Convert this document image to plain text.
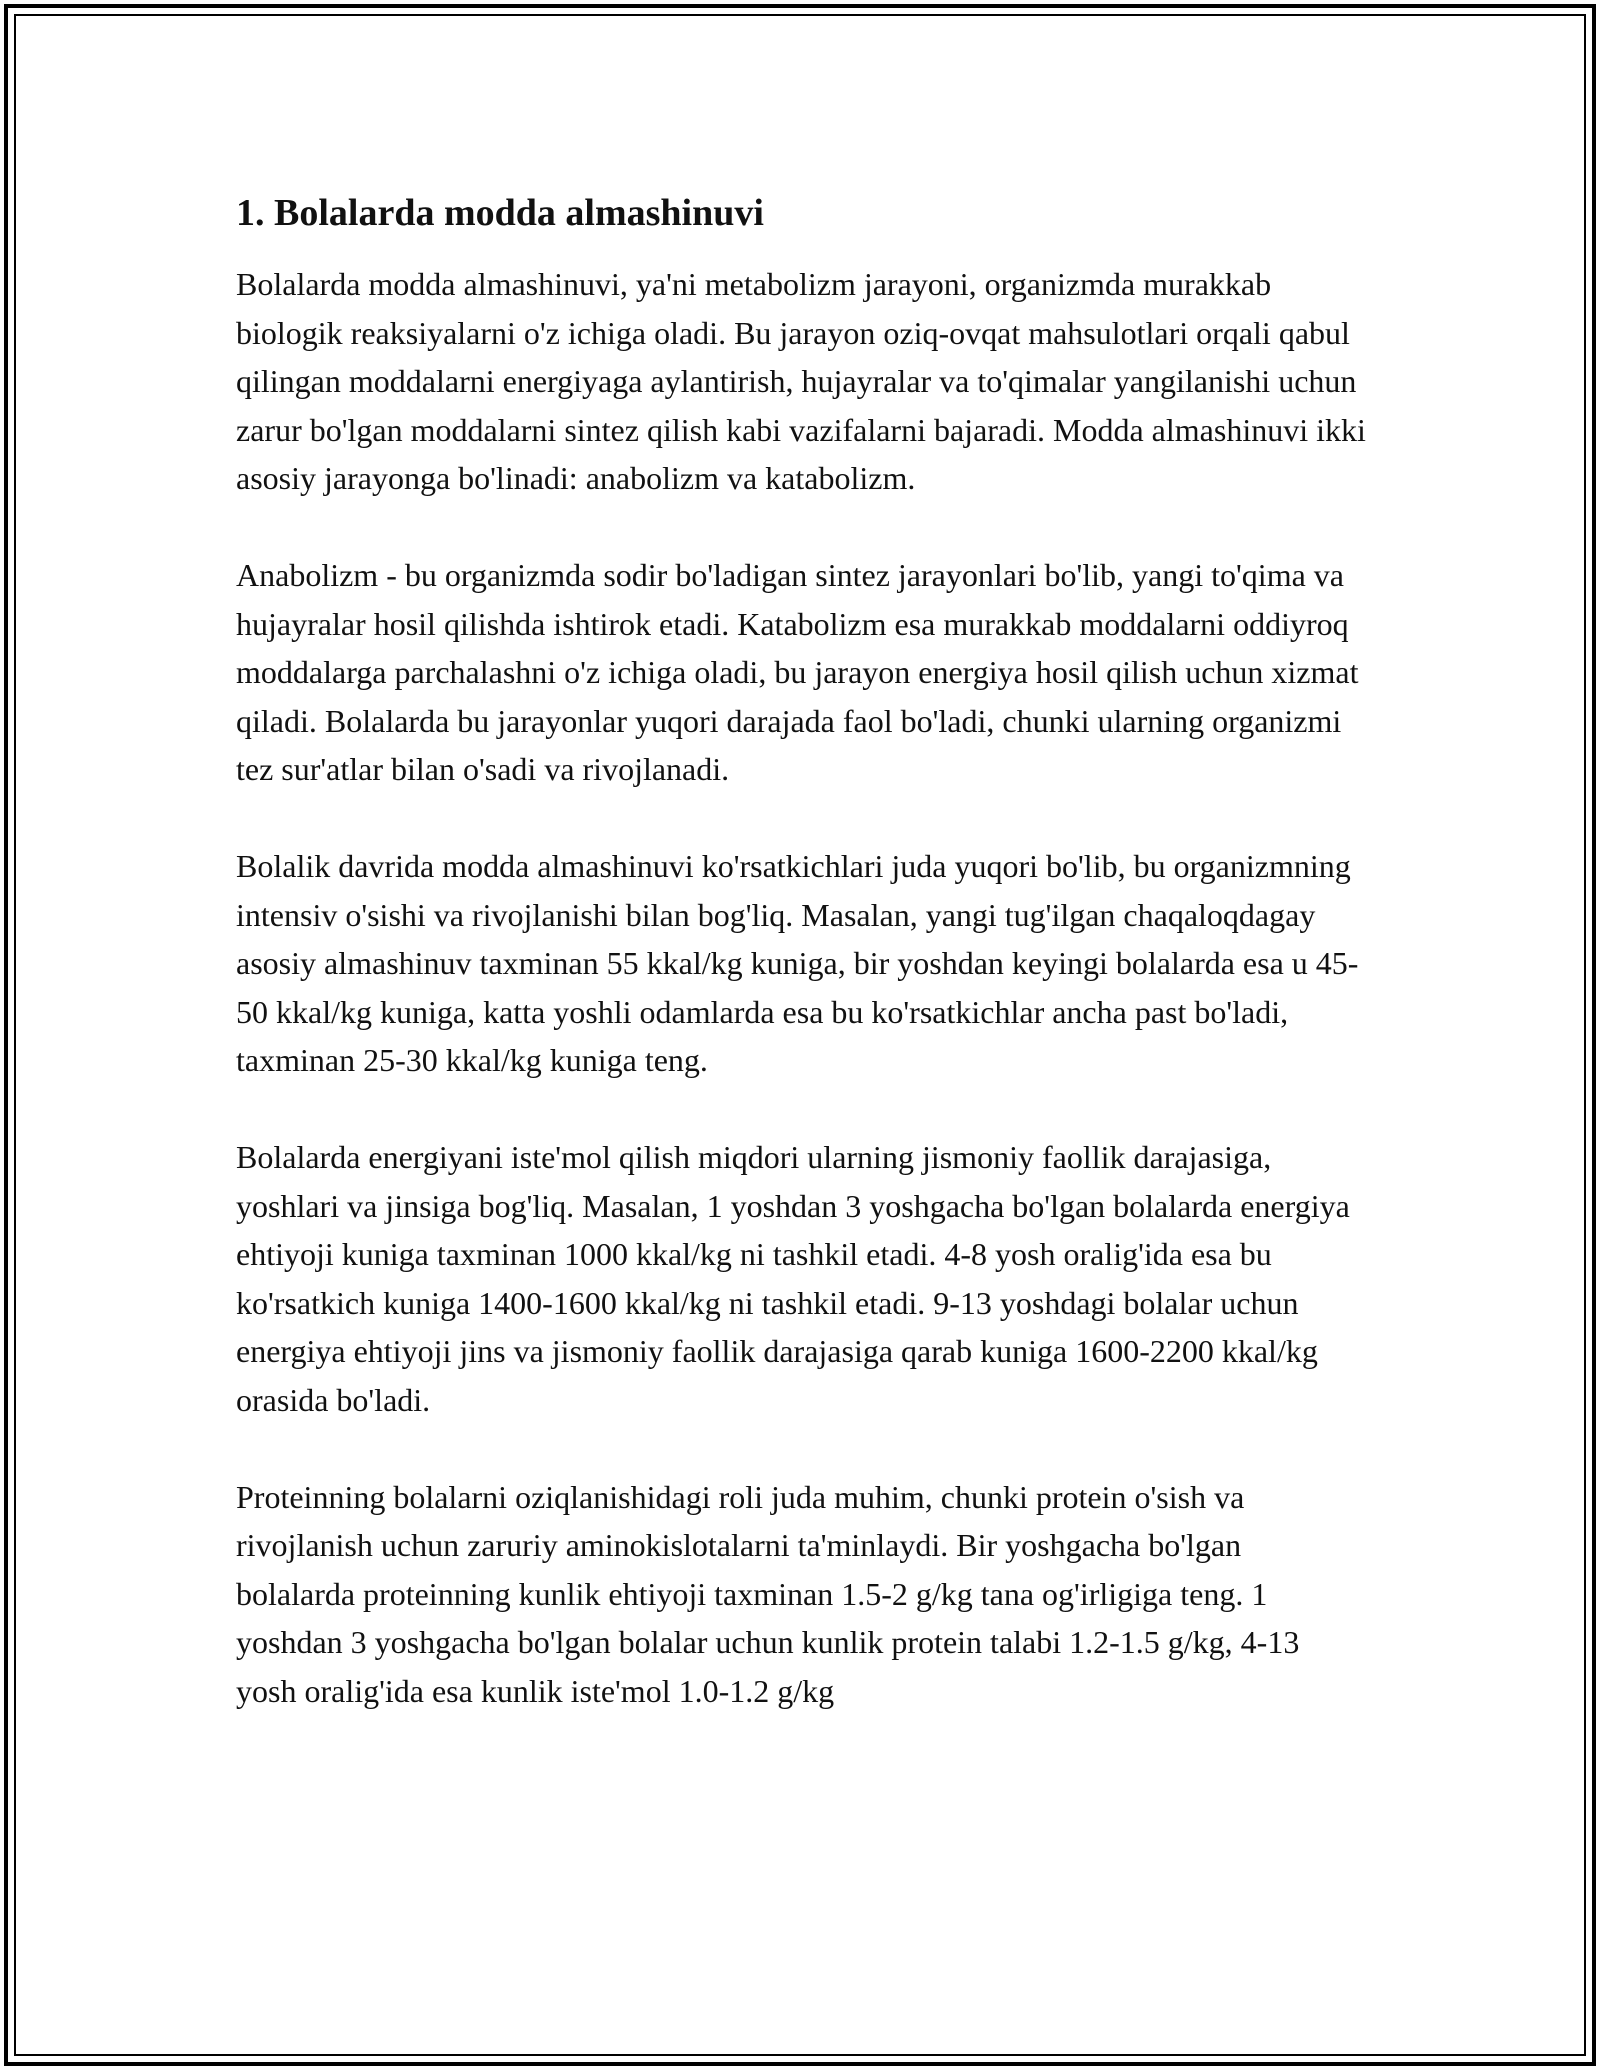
1. Bolalarda modda almashinuvi

Bolalarda modda almashinuvi, ya'ni metabolizm jarayoni, organizmda murakkab biologik reaksiyalarni o'z ichiga oladi. Bu jarayon oziq-ovqat mahsulotlari orqali qabul qilingan moddalarni energiyaga aylantirish, hujayralar va to'qimalar yangilanishi uchun zarur bo'lgan moddalarni sintez qilish kabi vazifalarni bajaradi. Modda almashinuvi ikki asosiy jarayonga bo'linadi: anabolizm va katabolizm.

Anabolizm - bu organizmda sodir bo'ladigan sintez jarayonlari bo'lib, yangi to'qima va hujayralar hosil qilishda ishtirok etadi. Katabolizm esa murakkab moddalarni oddiyroq moddalarga parchalashni o'z ichiga oladi, bu jarayon energiya hosil qilish uchun xizmat qiladi. Bolalarda bu jarayonlar yuqori darajada faol bo'ladi, chunki ularning organizmi tez sur'atlar bilan o'sadi va rivojlanadi.

Bolalik davrida modda almashinuvi ko'rsatkichlari juda yuqori bo'lib, bu organizmning intensiv o'sishi va rivojlanishi bilan bog'liq. Masalan, yangi tug'ilgan chaqaloqdagay asosiy almashinuv taxminan 55 kkal/kg kuniga, bir yoshdan keyingi bolalarda esa u 45-50 kkal/kg kuniga, katta yoshli odamlarda esa bu ko'rsatkichlar ancha past bo'ladi, taxminan 25-30 kkal/kg kuniga teng.

Bolalarda energiyani iste'mol qilish miqdori ularning jismoniy faollik darajasiga, yoshlari va jinsiga bog'liq. Masalan, 1 yoshdan 3 yoshgacha bo'lgan bolalarda energiya ehtiyoji kuniga taxminan 1000 kkal/kg ni tashkil etadi. 4-8 yosh oralig'ida esa bu ko'rsatkich kuniga 1400-1600 kkal/kg ni tashkil etadi. 9-13 yoshdagi bolalar uchun energiya ehtiyoji jins va jismoniy faollik darajasiga qarab kuniga 1600-2200 kkal/kg orasida bo'ladi.

Proteinning bolalarni oziqlanishidagi roli juda muhim, chunki protein o'sish va rivojlanish uchun zaruriy aminokislotalarni ta'minlaydi. Bir yoshgacha bo'lgan bolalarda proteinning kunlik ehtiyoji taxminan 1.5-2 g/kg tana og'irligiga teng. 1 yoshdan 3 yoshgacha bo'lgan bolalar uchun kunlik protein talabi 1.2-1.5 g/kg, 4-13 yosh oralig'ida esa kunlik iste'mol 1.0-1.2 g/kg
